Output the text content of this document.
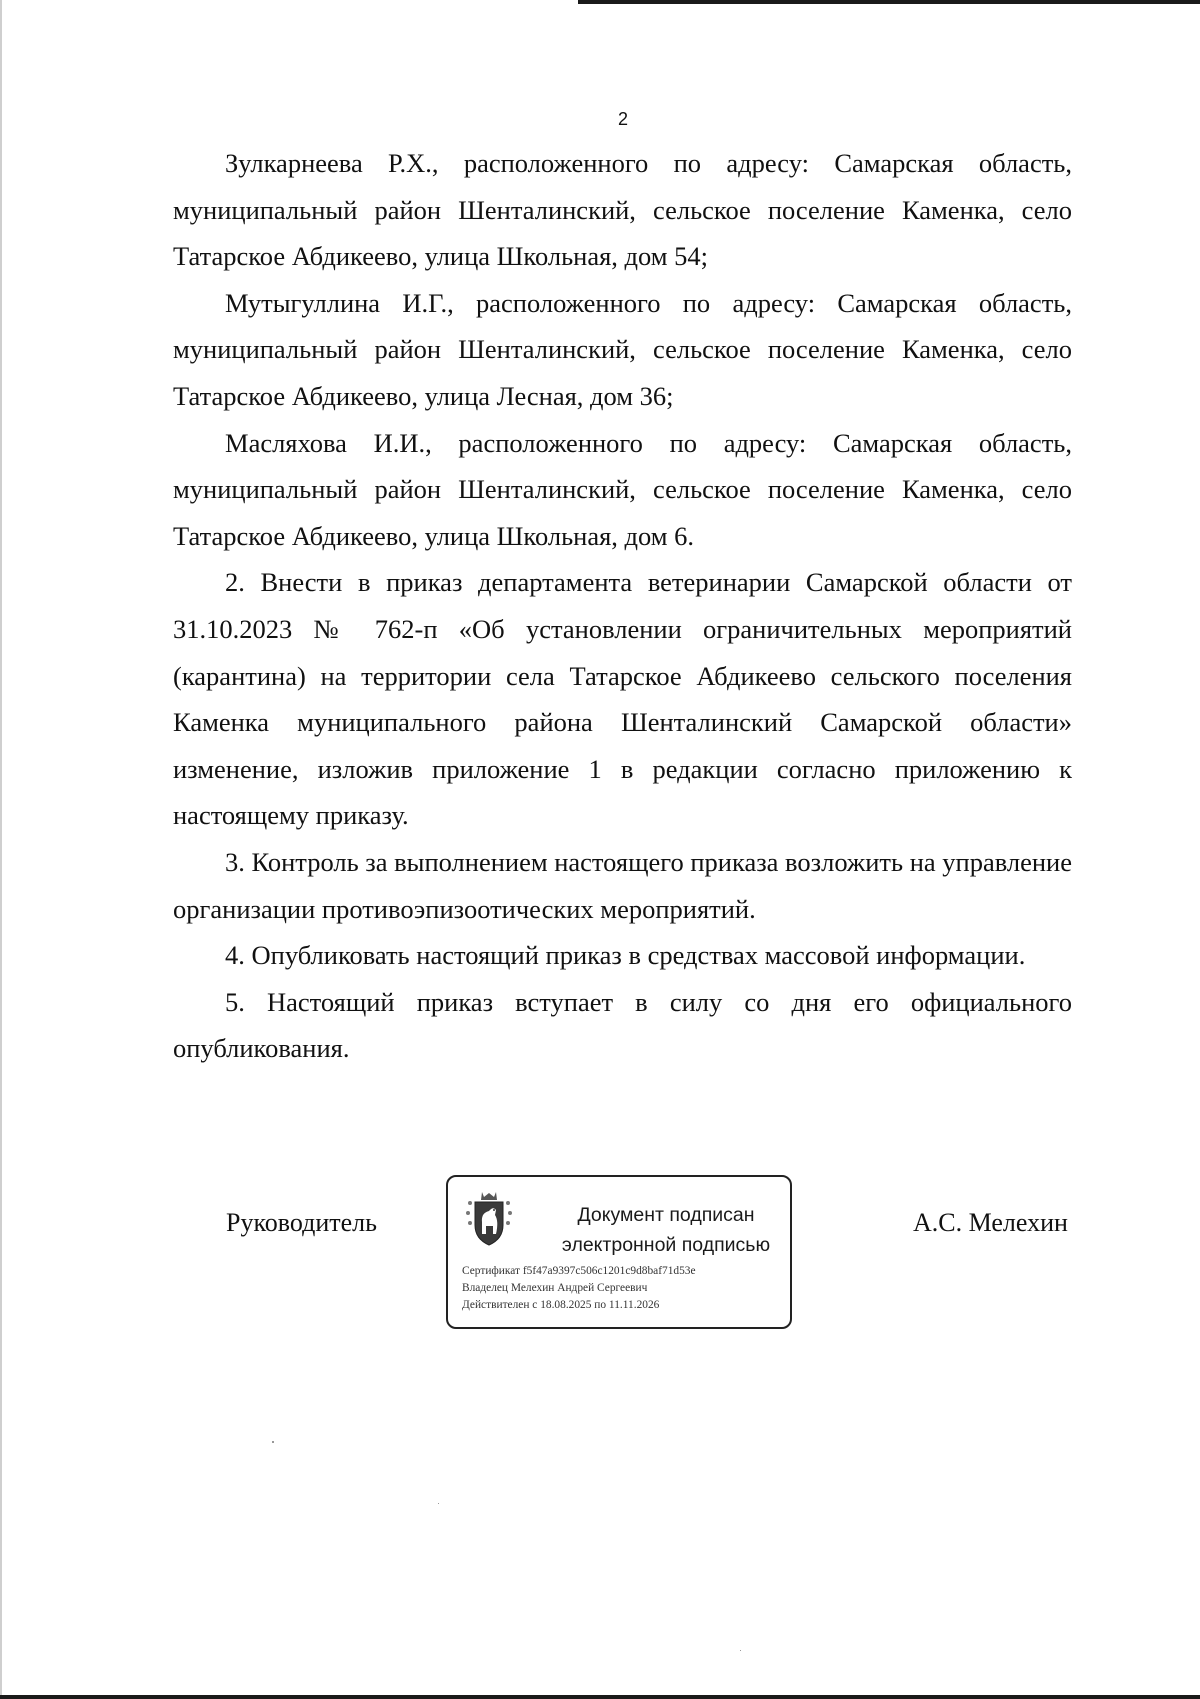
2

Зулкарнеева Р.Х., расположенного по адресу: Самарская область, муниципальный район Шенталинский, сельское поселение Каменка, село Татарское Абдикеево, улица Школьная, дом 54;

Мутыгуллина И.Г., расположенного по адресу: Самарская область, муниципальный район Шенталинский, сельское поселение Каменка, село Татарское Абдикеево, улица Лесная, дом 36;

Масляхова И.И., расположенного по адресу: Самарская область, муниципальный район Шенталинский, сельское поселение Каменка, село Татарское Абдикеево, улица Школьная, дом 6.

2. Внести в приказ департамента ветеринарии Самарской области от 31.10.2023 № 762-п «Об установлении ограничительных мероприятий (карантина) на территории села Татарское Абдикеево сельского поселения Каменка муниципального района Шенталинский Самарской области» изменение, изложив приложение 1 в редакции согласно приложению к настоящему приказу.

3. Контроль за выполнением настоящего приказа возложить на управление организации противоэпизоотических мероприятий.

4. Опубликовать настоящий приказ в средствах массовой информации.

5. Настоящий приказ вступает в силу со дня его официального опубликования.

Руководитель	Документ подписан
электронной подписью
Сертификат f5f47a9397c506c1201c9d8baf71d53e
Владелец Мелехин Андрей Сергеевич
Действителен с 18.08.2025 по 11.11.2026
А.С. Мелехин
